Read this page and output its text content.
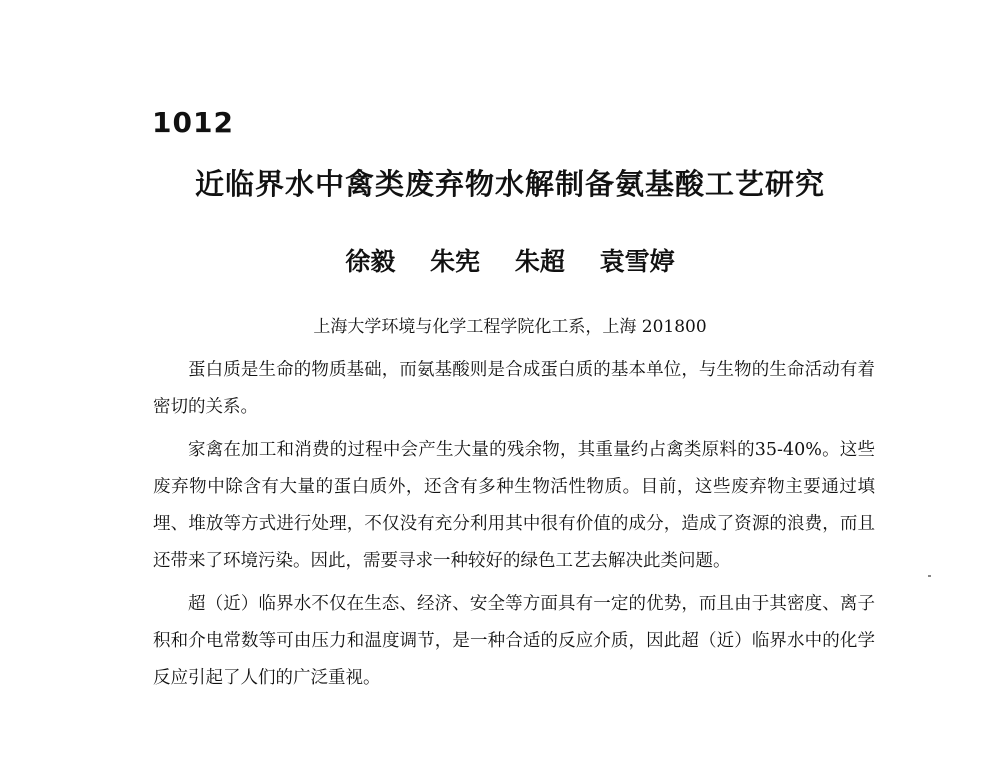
1012
近临界水中禽类废弃物水解制备氨基酸工艺研究
徐毅 朱宪 朱超 袁雪婷
上海大学环境与化学工程学院化工系，上海 201800

蛋白质是生命的物质基础，而氨基酸则是合成蛋白质的基本单位，与生物的生命活动有着密切的关系。

家禽在加工和消费的过程中会产生大量的残余物，其重量约占禽类原料的35-40%。这些废弃物中除含有大量的蛋白质外，还含有多种生物活性物质。目前，这些废弃物主要通过填埋、堆放等方式进行处理，不仅没有充分利用其中很有价值的成分，造成了资源的浪费，而且还带来了环境污染。因此，需要寻求一种较好的绿色工艺去解决此类问题。

超（近）临界水不仅在生态、经济、安全等方面具有一定的优势，而且由于其密度、离子积和介电常数等可由压力和温度调节，是一种合适的反应介质，因此超（近）临界水中的化学反应引起了人们的广泛重视。
